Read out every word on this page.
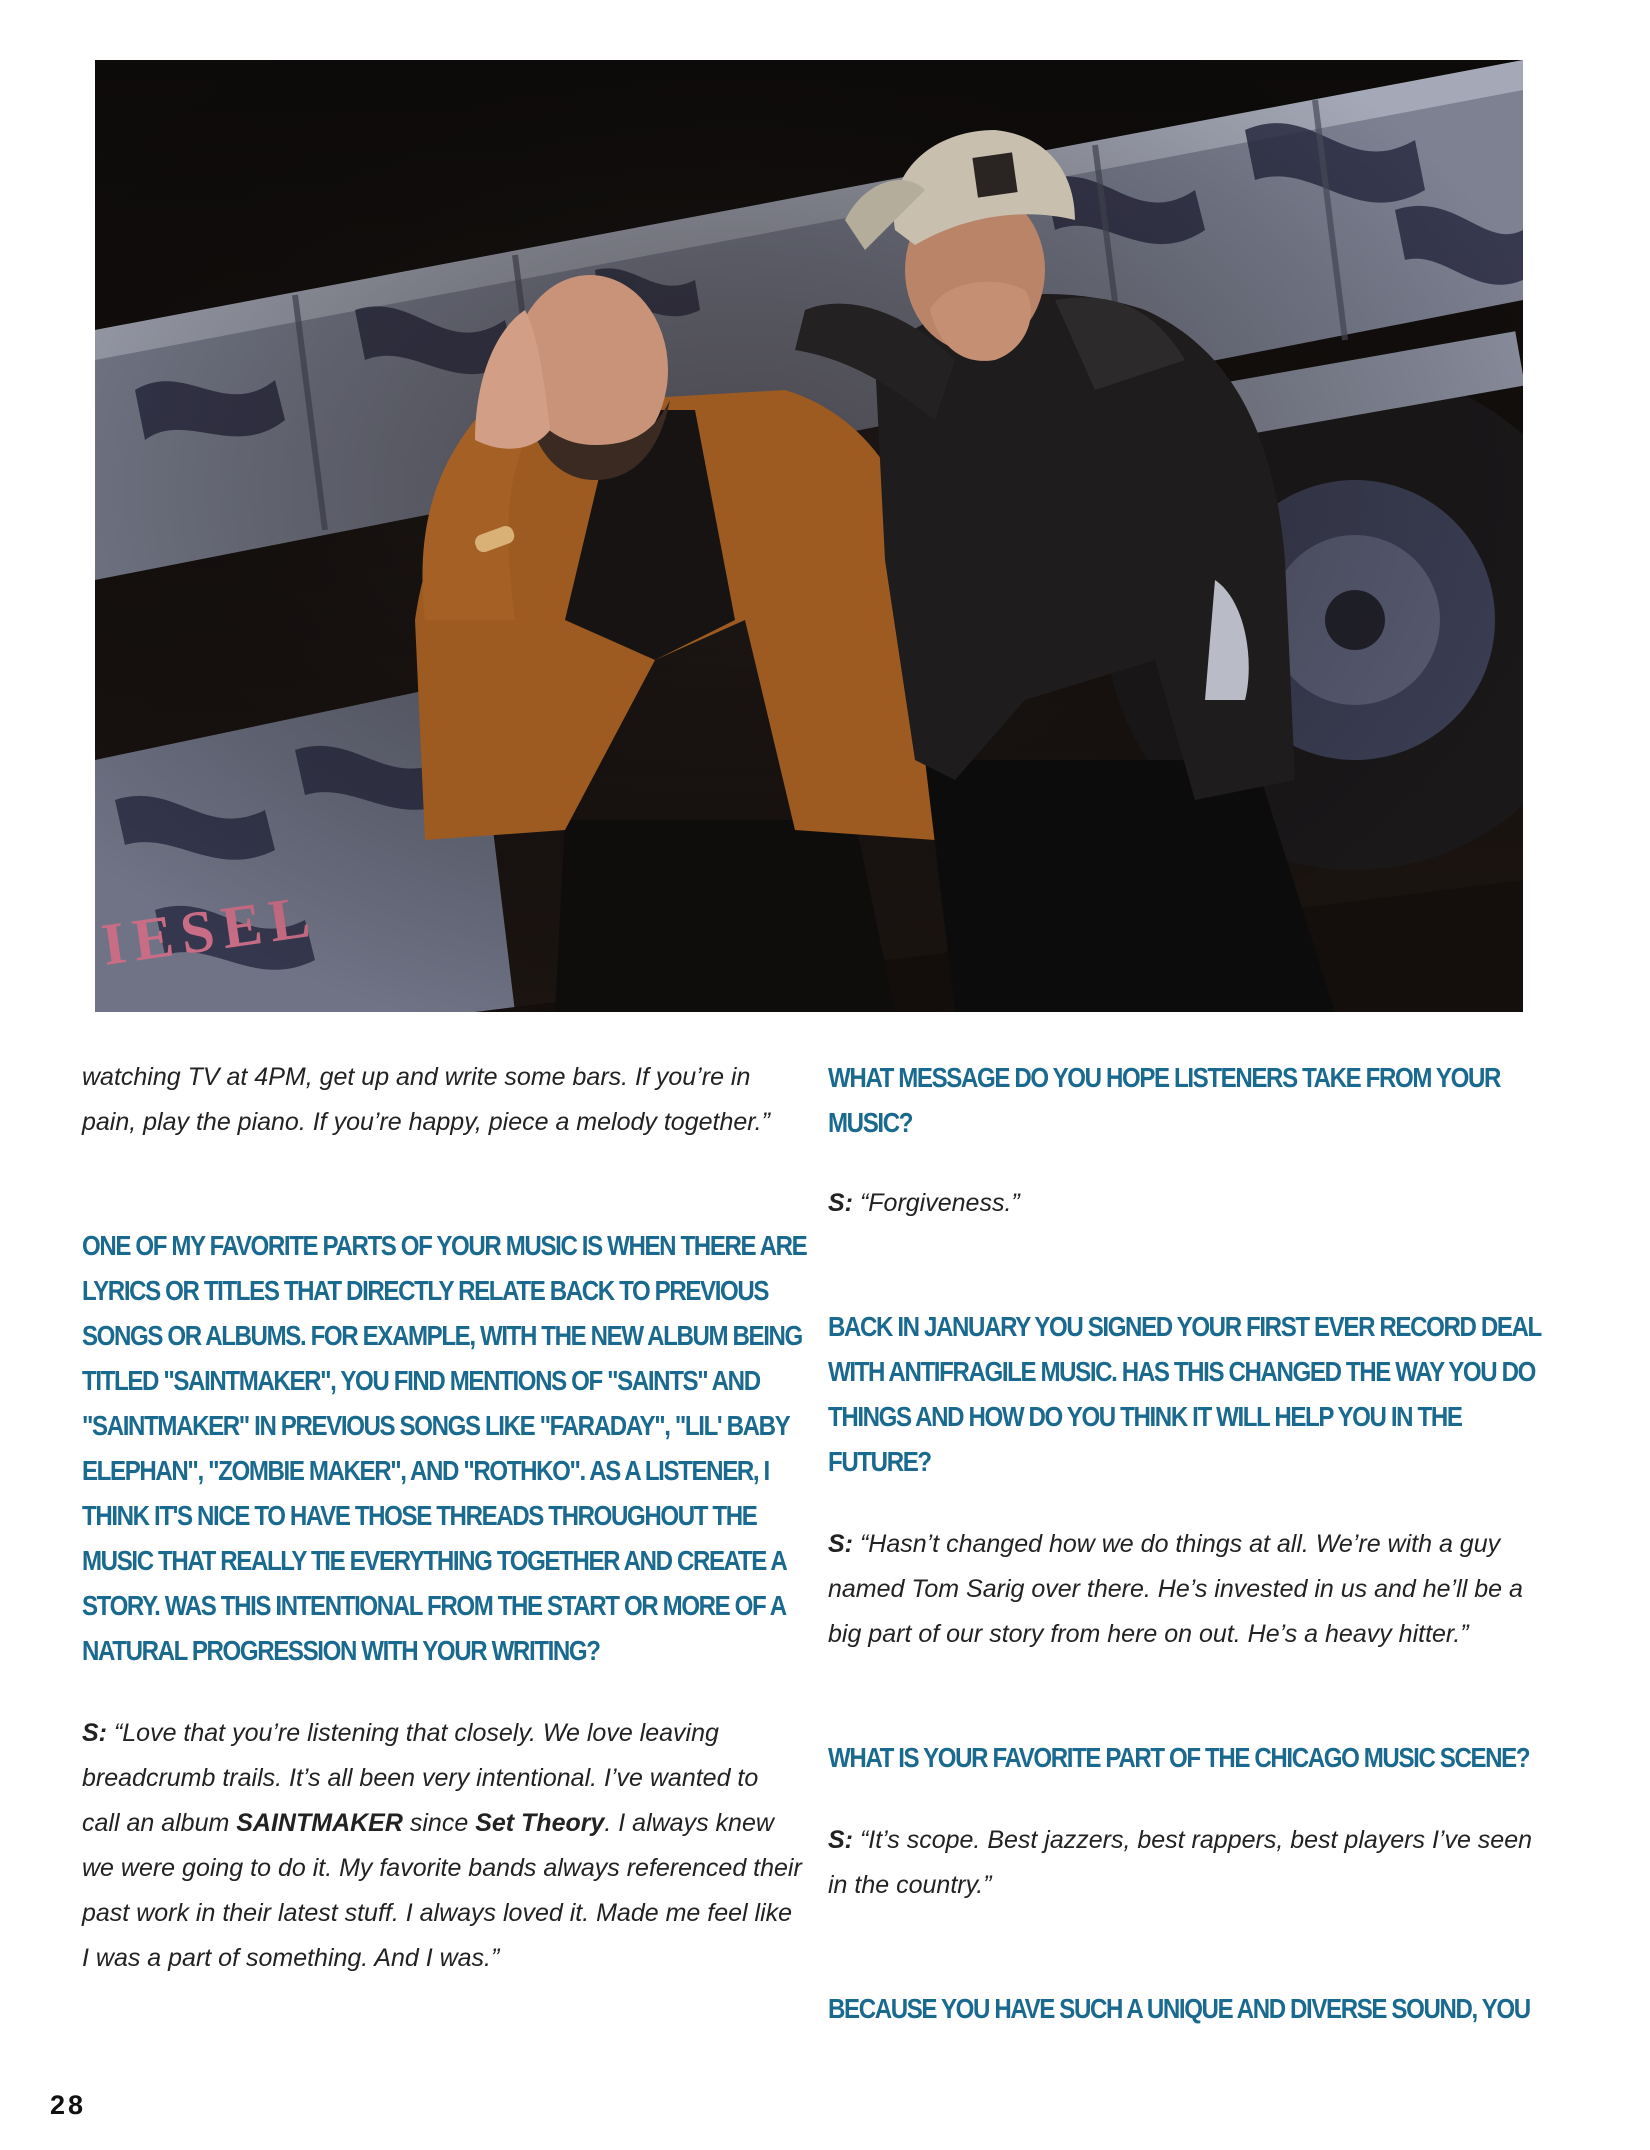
watching TV at 4PM, get up and write some bars. If you’re in pain, play the piano. If you’re happy, piece a melody together.”

ONE OF MY FAVORITE PARTS OF YOUR MUSIC IS WHEN THERE ARE LYRICS OR TITLES THAT DIRECTLY RELATE BACK TO PREVIOUS SONGS OR ALBUMS. FOR EXAMPLE, WITH THE NEW ALBUM BEING TITLED "SAINTMAKER", YOU FIND MENTIONS OF "SAINTS" AND "SAINTMAKER" IN PREVIOUS SONGS LIKE "FARADAY", "LIL' BABY ELEPHAN", "ZOMBIE MAKER", AND "ROTHKO". AS A LISTENER, I THINK IT'S NICE TO HAVE THOSE THREADS THROUGHOUT THE MUSIC THAT REALLY TIE EVERYTHING TOGETHER AND CREATE A STORY. WAS THIS INTENTIONAL FROM THE START OR MORE OF A NATURAL PROGRESSION WITH YOUR WRITING?

S: “Love that you’re listening that closely. We love leaving breadcrumb trails. It’s all been very intentional. I’ve wanted to call an album SAINTMAKER since Set Theory. I always knew we were going to do it. My favorite bands always referenced their past work in their latest stuff. I always loved it. Made me feel like I was a part of something. And I was.”

WHAT MESSAGE DO YOU HOPE LISTENERS TAKE FROM YOUR MUSIC?

S: “Forgiveness.”

BACK IN JANUARY YOU SIGNED YOUR FIRST EVER RECORD DEAL WITH ANTIFRAGILE MUSIC. HAS THIS CHANGED THE WAY YOU DO THINGS AND HOW DO YOU THINK IT WILL HELP YOU IN THE FUTURE?

S: “Hasn’t changed how we do things at all. We’re with a guy named Tom Sarig over there. He’s invested in us and he’ll be a big part of our story from here on out. He’s a heavy hitter.”

WHAT IS YOUR FAVORITE PART OF THE CHICAGO MUSIC SCENE?

S: “It’s scope. Best jazzers, best rappers, best players I’ve seen in the country.”

BECAUSE YOU HAVE SUCH A UNIQUE AND DIVERSE SOUND, YOU

28
